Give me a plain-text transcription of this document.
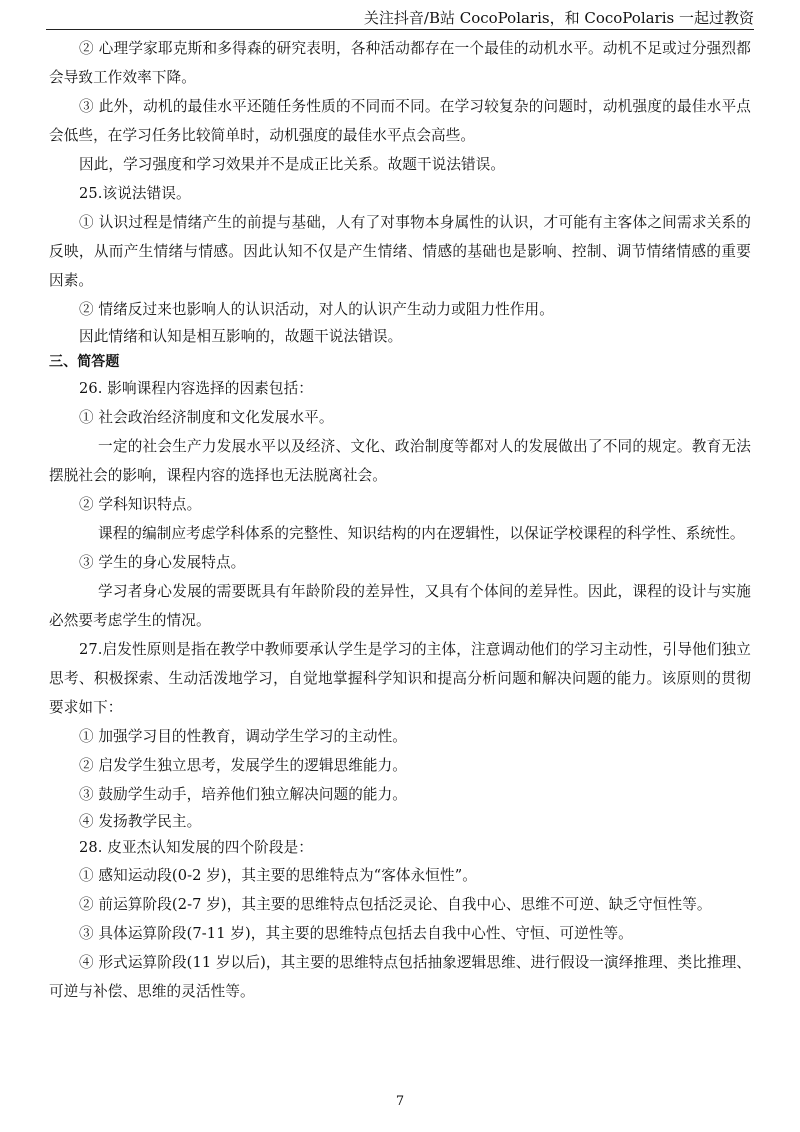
关注抖音/B站 CocoPolaris，和 CocoPolaris 一起过教资

② 心理学家耶克斯和多得森的研究表明，各种活动都存在一个最佳的动机水平。动机不足或过分强烈都会导致工作效率下降。

③ 此外，动机的最佳水平还随任务性质的不同而不同。在学习较复杂的问题时，动机强度的最佳水平点会低些，在学习任务比较简单时，动机强度的最佳水平点会高些。

因此，学习强度和学习效果并不是成正比关系。故题干说法错误。

25.该说法错误。

① 认识过程是情绪产生的前提与基础，人有了对事物本身属性的认识，才可能有主客体之间需求关系的反映，从而产生情绪与情感。因此认知不仅是产生情绪、情感的基础也是影响、控制、调节情绪情感的重要因素。

② 情绪反过来也影响人的认识活动，对人的认识产生动力或阻力性作用。

因此情绪和认知是相互影响的，故题干说法错误。

三、简答题

26. 影响课程内容选择的因素包括：

① 社会政治经济制度和文化发展水平。

一定的社会生产力发展水平以及经济、文化、政治制度等都对人的发展做出了不同的规定。教育无法摆脱社会的影响，课程内容的选择也无法脱离社会。

② 学科知识特点。

课程的编制应考虑学科体系的完整性、知识结构的内在逻辑性，以保证学校课程的科学性、系统性。

③ 学生的身心发展特点。

学习者身心发展的需要既具有年龄阶段的差异性，又具有个体间的差异性。因此，课程的设计与实施必然要考虑学生的情况。

27.启发性原则是指在教学中教师要承认学生是学习的主体，注意调动他们的学习主动性，引导他们独立思考、积极探索、生动活泼地学习，自觉地掌握科学知识和提高分析问题和解决问题的能力。该原则的贯彻要求如下：

① 加强学习目的性教育，调动学生学习的主动性。

② 启发学生独立思考，发展学生的逻辑思维能力。

③ 鼓励学生动手，培养他们独立解决问题的能力。

④ 发扬教学民主。

28. 皮亚杰认知发展的四个阶段是：

① 感知运动段(0-2 岁)，其主要的思维特点为“客体永恒性”。

② 前运算阶段(2-7 岁)，其主要的思维特点包括泛灵论、自我中心、思维不可逆、缺乏守恒性等。

③ 具体运算阶段(7-11 岁)，其主要的思维特点包括去自我中心性、守恒、可逆性等。

④ 形式运算阶段(11 岁以后)，其主要的思维特点包括抽象逻辑思维、进行假设一演绎推理、类比推理、可逆与补偿、思维的灵活性等。

7
